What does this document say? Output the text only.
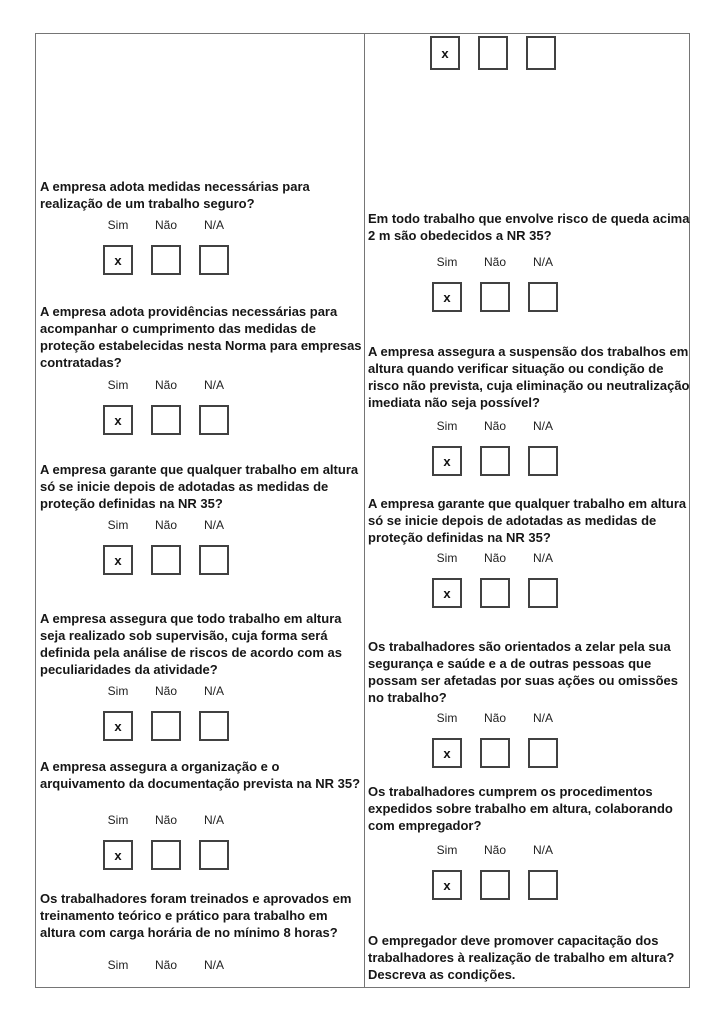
A empresa adota medidas necessárias para realização de um trabalho seguro?
Sim
x
Não N/A
A empresa adota providências necessárias para acompanhar o cumprimento das medidas de proteção estabelecidas nesta Norma para empresas contratadas?
Sim
x
Não N/A
A empresa garante que qualquer trabalho em altura só se inicie depois de adotadas as medidas de proteção definidas na NR 35?
Sim
x
Não N/A
A empresa assegura que todo trabalho em altura seja realizado sob supervisão, cuja forma será definida pela análise de riscos de acordo com as peculiaridades da atividade?
Sim
x
Não N/A
A empresa assegura a organização e o arquivamento da documentação prevista na NR 35?
Sim
x
Não N/A
Os trabalhadores foram treinados e aprovados em treinamento teórico e prático para trabalho em altura com carga horária de no mínimo 8 horas?
Sim Não N/A
x
Em todo trabalho que envolve risco de queda acima 2 m são obedecidos a NR 35?
Sim
x
Não N/A
A empresa assegura a suspensão dos trabalhos em altura quando verificar situação ou condição de risco não prevista, cuja eliminação ou neutralização imediata não seja possível?
Sim
x
Não N/A
A empresa garante que qualquer trabalho em altura só se inicie depois de adotadas as medidas de proteção definidas na NR 35?
Sim
x
Não N/A
Os trabalhadores são orientados a zelar pela sua segurança e saúde e a de outras pessoas que possam ser afetadas por suas ações ou omissões no trabalho?
Sim
x
Não N/A
Os trabalhadores cumprem os procedimentos expedidos sobre trabalho em altura, colaborando com empregador?
Sim
x
Não N/A
O empregador deve promover capacitação dos trabalhadores à realização de trabalho em altura? Descreva as condições.
